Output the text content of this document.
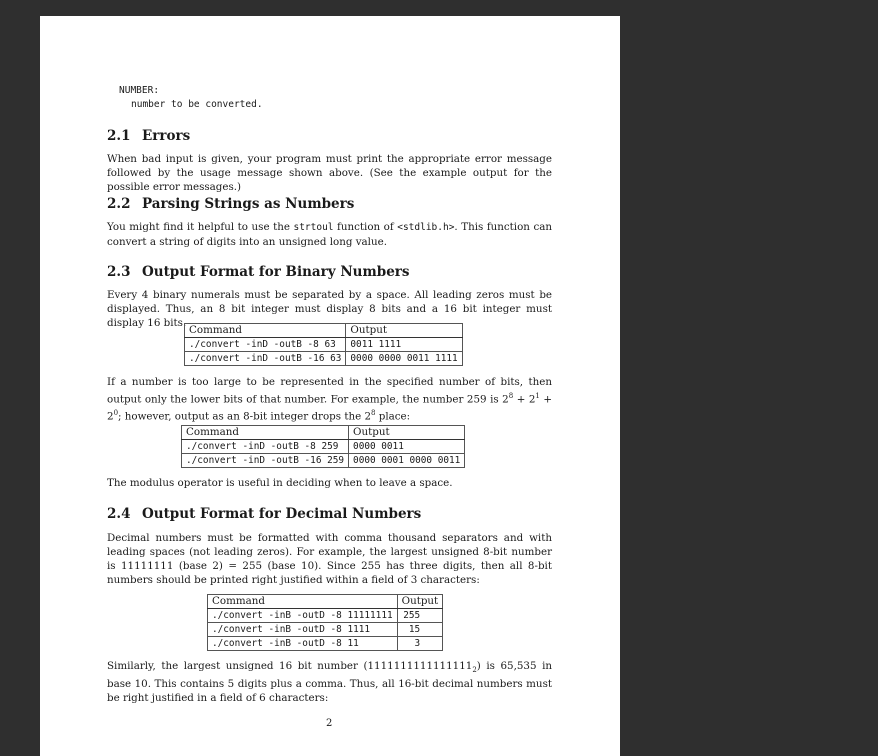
NUMBER:
number to be converted.
2.1 Errors
When bad input is given, your program must print the appropriate error message followed by the usage message shown above. (See the example output for the possible error messages.)
2.2 Parsing Strings as Numbers
You might find it helpful to use the strtoul function of <stdlib.h>. This function can convert a string of digits into an unsigned long value.
2.3 Output Format for Binary Numbers
Every 4 binary numerals must be separated by a space. All leading zeros must be displayed. Thus, an 8 bit integer must display 8 bits and a 16 bit integer must display 16 bits.
Command	Output
./convert -inD -outB -8 63	0011 1111
./convert -inD -outB -16 63	0000 0000 0011 1111
If a number is too large to be represented in the specified number of bits, then output only the lower bits of that number. For example, the number 259 is $2^8 + 2^1 + 2^0$; however, output as an 8-bit integer drops the $2^8$ place:
Command	Output
./convert -inD -outB -8 259	0000 0011
./convert -inD -outB -16 259	0000 0001 0000 0011
The modulus operator is useful in deciding when to leave a space.
2.4 Output Format for Decimal Numbers
Decimal numbers must be formatted with comma thousand separators and with leading spaces (not leading zeros). For example, the largest unsigned 8-bit number is 11111111 (base 2) = 255 (base 10). Since 255 has three digits, then all 8-bit numbers should be printed right justified within a field of 3 characters:
Command	Output
./convert -inB -outD -8 11111111	255
./convert -inB -outD -8 1111	15
./convert -inB -outD -8 11	3
Similarly, the largest unsigned 16 bit number $(1111111111111111_2)$ is 65,535 in base 10. This contains 5 digits plus a comma. Thus, all 16-bit decimal numbers must be right justified in a field of 6 characters:
2
